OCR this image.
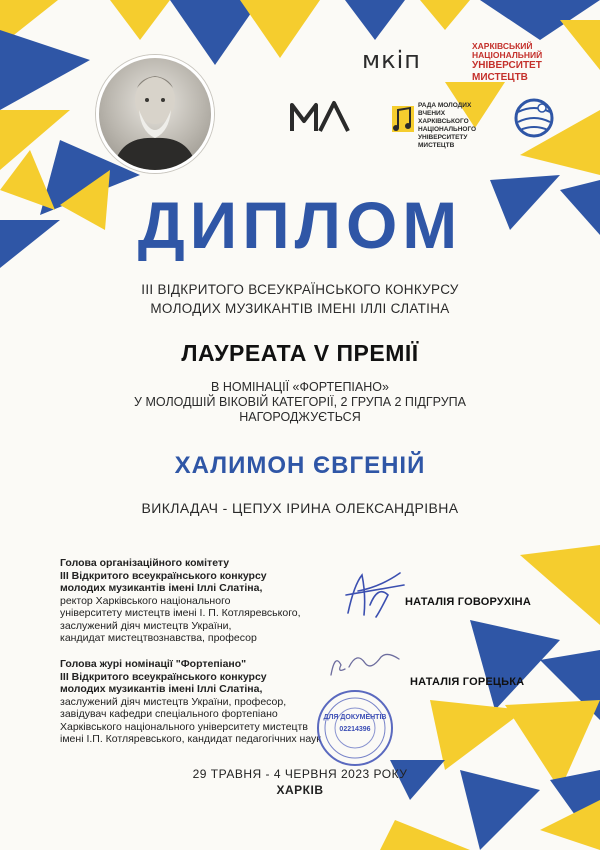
мкіп	ХАРКІВСЬКИЙ НАЦІОНАЛЬНИЙ
УНІВЕРСИТЕТ МИСТЕЦТВ
РАДА МОЛОДИХ ВЧЕНИХ
ХАРКІВСЬКОГО НАЦІОНАЛЬНОГО
УНІВЕРСИТЕТУ МИСТЕЦТВ
ДИПЛОМ
ІІІ ВІДКРИТОГО ВСЕУКРАЇНСЬКОГО КОНКУРСУ
МОЛОДИХ МУЗИКАНТІВ ІМЕНІ ІЛЛІ СЛАТІНА
ЛАУРЕАТА V ПРЕМІЇ
В НОМІНАЦІЇ «ФОРТЕПІАНО»
У МОЛОДШІЙ ВІКОВІЙ КАТЕГОРІЇ, 2 ГРУПА 2 ПІДГРУПА
НАГОРОДЖУЄТЬСЯ
ХАЛИМОН ЄВГЕНІЙ
ВИКЛАДАЧ - ЦЕПУХ ІРИНА ОЛЕКСАНДРІВНА
Голова організаційного комітету
ІІІ Відкритого всеукраїнського конкурсу
молодих музикантів імені Іллі Слатіна,
ректор Харківського національного
університету мистецтв імені І. П. Котляревського,
заслужений діяч мистецтв України,
кандидат мистецтвознавства, професор
НАТАЛІЯ ГОВОРУХІНА
Голова журі номінації "Фортепіано"
ІІІ Відкритого всеукраїнського конкурсу
молодих музикантів імені Іллі Слатіна,
заслужений діяч мистецтв України, професор,
завідувач кафедри спеціального фортепіано
Харківського національного університету мистецтв
імені І.П. Котляревського, кандидат педагогічних наук
НАТАЛІЯ ГОРЕЦЬКА
ДЛЯ ДОКУМЕНТІВ
02214396
29 ТРАВНЯ - 4 ЧЕРВНЯ 2023 РОКУ
ХАРКІВ
